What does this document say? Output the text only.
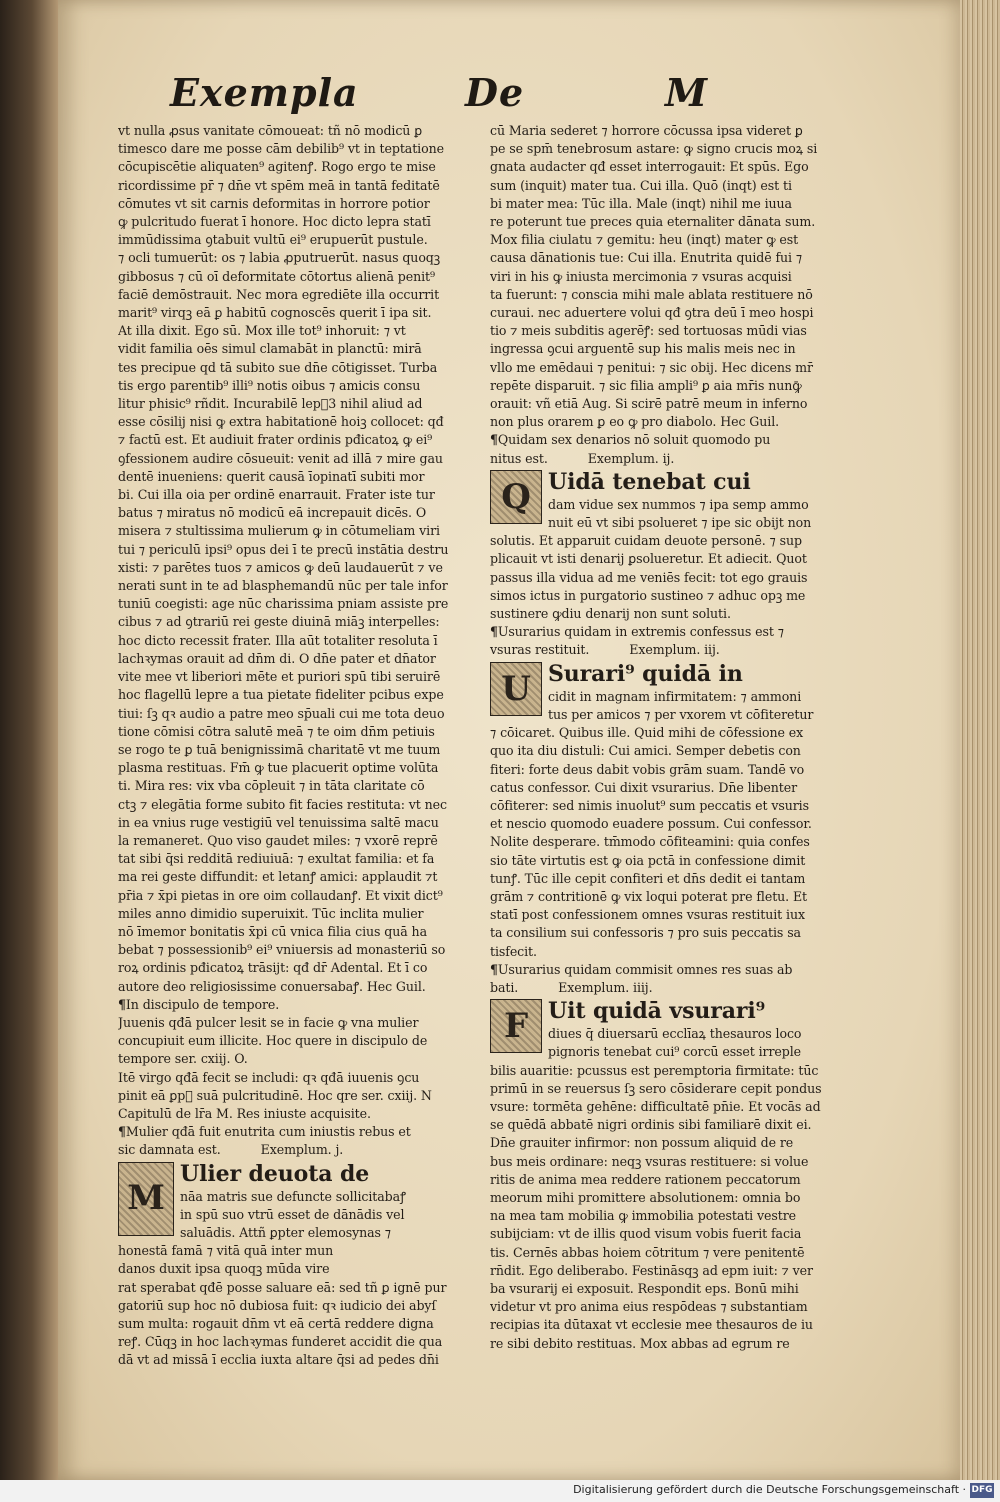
Exempla	De	M
vt nulla ꝓsus vanitate cōmoueat: tñ nō modicū ꝑ
timesco dare me posse cām debilib⁹ vt in teptatione
cōcupiscētie aliquaten⁹ agitenꝭ. Rogo ergo te mise
ricordissime pr̄ ⁊ dn̄e vt spēm meā in tantā feditatē
cōmutes vt sit carnis deformitas in horrore potior
ꝙ pulcritudo fuerat ī honore. Hoc dicto lepra statī
immūdissima ꝯtabuit vultū ei⁹ erupuerūt pustule.
⁊ ocli tumuerūt: os ⁊ labia ꝓputruerūt. nasus quoqꝫ
gibbosus ⁊ cū oī deformitate cōtortus alienā penit⁹
faciē demōstrauit. Nec mora egrediēte illa occurrit
marit⁹ virqꝫ eā ꝑ habitū cognoscēs querit ī ipa sit.
At illa dixit. Ego sū. Mox ille tot⁹ inhoruit: ⁊ vt
vidit familia oēs simul clamabāt in planctū: mirā
tes precipue qd tā subito sue dn̄e cōtigisset. Turba
tis ergo parentib⁹ illi⁹ notis oibus ⁊ amicis consu
litur phisic⁹ rñdit. Incurabilē lepᷓ3 nihil aliud ad
esse cōsilij nisi ꝙ extra habitationē hoiꝫ collocet: qđ
⁊ factū est. Et audiuit frater ordinis pđicatoꝝ ꝙ ei⁹
ꝯfessionem audire cōsueuit: venit ad illā ⁊ mire gau
dentē inueniens: querit causā īopinatī subiti mor
bi. Cui illa oia per ordinē enarrauit. Frater iste tur
batus ⁊ miratus nō modicū eā increpauit dicēs. O
misera ⁊ stultissima mulierum ꝙ in cōtumeliam viri
tui ⁊ periculū ipsi⁹ opus dei ī te precū instātia destru
xisti: ⁊ parētes tuos ⁊ amicos ꝙ deū laudauerūt ⁊ ve
nerati sunt in te ad blasphemandū nūc per tale infor
tuniū coegisti: age nūc charissima pniam assiste pre
cibus ⁊ ad ꝯtrariū rei geste diuinā miāꝫ interpelles:
hoc dicto recessit frater. Illa aūt totaliter resoluta ī
lachꝛymas orauit ad dn̄m di. O dn̄e pater et dn̄ator
vite mee vt liberiori mēte et puriori spū tibi seruirē
hoc flagellū lepre a tua pietate fideliter pcibus expe
tiui: ſꝫ qꝛ audio a patre meo sp̄uali cui me tota deuo
tione cōmisi cōtra salutē meā ⁊ te oim dn̄m petiuis
se rogo te ꝑ tuā benignissimā charitatē vt me tuum
plasma restituas. Fm̄ ꝙ tue placuerit optime volūta
ti. Mira res: vix vba cōpleuit ⁊ in tāta claritate cō
ctꝫ ⁊ elegātia forme subito fit facies restituta: vt nec
in ea vnius ruge vestigiū vel tenuissima saltē macu
la remaneret. Quo viso gaudet miles: ⁊ vxorē reprē
tat sibi q̄si redditā rediuiuā: ⁊ exultat familia: et fa
ma rei geste diffundit: et letanꝭ amici: applaudit ⁊t
pr̄ia ⁊ x̄pi pietas in ore oim collaudanꝭ. Et vixit dict⁹
miles anno dimidio superuixit. Tūc inclita mulier
nō īmemor bonitatis x̄pi cū vnica filia cius quā ha
bebat ⁊ possessionib⁹ ei⁹ vniuersis ad monasteriū so
roꝝ ordinis pđicatoꝝ trāsijt: qđ dr̄ Adental. Et ī co
autore deo religiosissime conuersabaꝭ. Hec Guil.
¶In discipulo de tempore.
Juuenis qđā pulcer lesit se in facie ꝙ vna mulier
concupiuit eum illicite. Hoc quere in discipulo de
tempore ser. cxiij. O.
Itē virgo qđā fecit se includi: qꝛ qđā iuuenis ꝯcu
pinit eā ꝑpᷓ suā pulcritudinē. Hoc qre ser. cxiij. N
Capitulū de lr̄a M. Res iniuste acquisite.
¶Mulier qđā fuit enutrita cum iniustis rebus et
sic damnata est.	Exemplum. j.
M
Ulier deuota de
nāa matris sue defuncte sollicitabaꝭ
in spū suo vtrū esset de dānādis vel
saluādis. Attñ ꝑpter elemosynas ⁊
honestā famā ⁊ vitā quā inter mun
danos duxit ipsa quoqꝫ mūda vire
rat sperabat qđē posse saluare eā: sed tñ ꝑ ignē pur
gatoriū sup hoc nō dubiosa fuit: qꝛ iudicio dei abyſ
sum multa: rogauit dn̄m vt eā certā reddere digna
reꝭ. Cūqꝫ in hoc lachꝛymas funderet accidit die qua
dā vt ad missā ī ecclia iuxta altare q̄si ad pedes dn̄i
cū Maria sederet ⁊ horrore cōcussa ipsa videret ꝑ
pe se spm̄ tenebrosum astare: ꝙ signo crucis moꝝ si
gnata audacter qđ esset interrogauit: Et spūs. Ego
sum (inquit) mater tua. Cui illa. Quō (inqt) est ti
bi mater mea: Tūc illa. Male (inqt) nihil me iuua
re poterunt tue preces quia eternaliter dānata sum.
Mox filia ciulatu ⁊ gemitu: heu (inqt) mater ꝙ est
causa dānationis tue: Cui illa. Enutrita quidē fui ⁊
viri in his ꝙ iniusta mercimonia ⁊ vsuras acquisi
ta fuerunt: ⁊ conscia mihi male ablata restituere nō
curaui. nec aduertere volui qđ ꝯtra deū ī meo hospi
tio ⁊ meis subditis agerēꝭ: sed tortuosas mūdi vias
ingressa ꝯcui arguentē sup his malis meis nec in
vllo me emēdaui ⁊ penitui: ⁊ sic obij. Hec dicens mr̄
repēte disparuit. ⁊ sic filia ampli⁹ ꝑ aia mr̄is nunꝙ̄
orauit: vñ etiā Aug. Si scirē patrē meum in inferno
non plus orarem ꝑ eo ꝙ pro diabolo. Hec Guil.
¶Quidam sex denarios nō soluit quomodo pu
nitus est.	Exemplum. ij.
Q Uidā tenebat cui
dam vidue sex nummos ⁊ ipa semp ammo
nuit eū vt sibi psolueret ⁊ ipe sic obijt non
solutis. Et apparuit cuidam deuote personē. ⁊ sup
plicauit vt isti denarij ꝑsolueretur. Et adiecit. Quot
passus illa vidua ad me veniēs fecit: tot ego grauis
simos ictus in purgatorio sustineo ⁊ adhuc opꝫ me
sustinere ꝙdiu denarij non sunt soluti.
¶Usurarius quidam in extremis confessus est ⁊
vsuras restituit.	Exemplum. iij.
U Surari⁹ quidā in
cidit in magnam infirmitatem: ⁊ ammoni
tus per amicos ⁊ per vxorem vt cōfiteretur
⁊ cōicaret. Quibus ille. Quid mihi de cōfessione ex
quo ita diu distuli: Cui amici. Semper debetis con
fiteri: forte deus dabit vobis grām suam. Tandē vo
catus confessor. Cui dixit vsurarius. Dn̄e libenter
cōfiterer: sed nimis inuolut⁹ sum peccatis et vsuris
et nescio quomodo euadere possum. Cui confessor.
Nolite desperare. tm̄modo cōfiteamini: quia confes
sio tāte virtutis est ꝙ oia pctā in confessione dimit
tunꝭ. Tūc ille cepit confiteri et dn̄s dedit ei tantam
grām ⁊ contritionē ꝙ vix loqui poterat pre fletu. Et
statī post confessionem omnes vsuras restituit iux
ta consilium sui confessoris ⁊ pro suis peccatis sa
tisfecit.
¶Usurarius quidam commisit omnes res suas ab
bati.	Exemplum. iiij.
F Uit quidā vsurari⁹
diues q̄ diuersarū ecclīaꝝ thesauros loco
pignoris tenebat cui⁹ corcū esset irreple
bilis auaritie: pcussus est peremptoria firmitate: tūc
primū in se reuersus ſꝫ sero cōsiderare cepit pondus
vsure: tormēta gehēne: difficultatē pn̄ie. Et vocās ad
se quēdā abbatē nigri ordinis sibi familiarē dixit ei.
Dn̄e grauiter infirmor: non possum aliquid de re
bus meis ordinare: neqꝫ vsuras restituere: si volue
ritis de anima mea reddere rationem peccatorum
meorum mihi promittere absolutionem: omnia bo
na mea tam mobilia ꝙ immobilia potestati vestre
subijciam: vt de illis quod visum vobis fuerit facia
tis. Cernēs abbas hoiem cōtritum ⁊ vere penitentē
rn̄dit. Ego deliberabo. Festināsqꝫ ad epm iuit: ⁊ ver
ba vsurarij ei exposuit. Respondit eps. Bonū mihi
videtur vt pro anima eius respōdeas ⁊ substantiam
recipias ita dūtaxat vt ecclesie mee thesauros de iu
re sibi debito restituas. Mox abbas ad egrum re
Digitalisierung gefördert durch die Deutsche Forschungsgemeinschaft · DFG
